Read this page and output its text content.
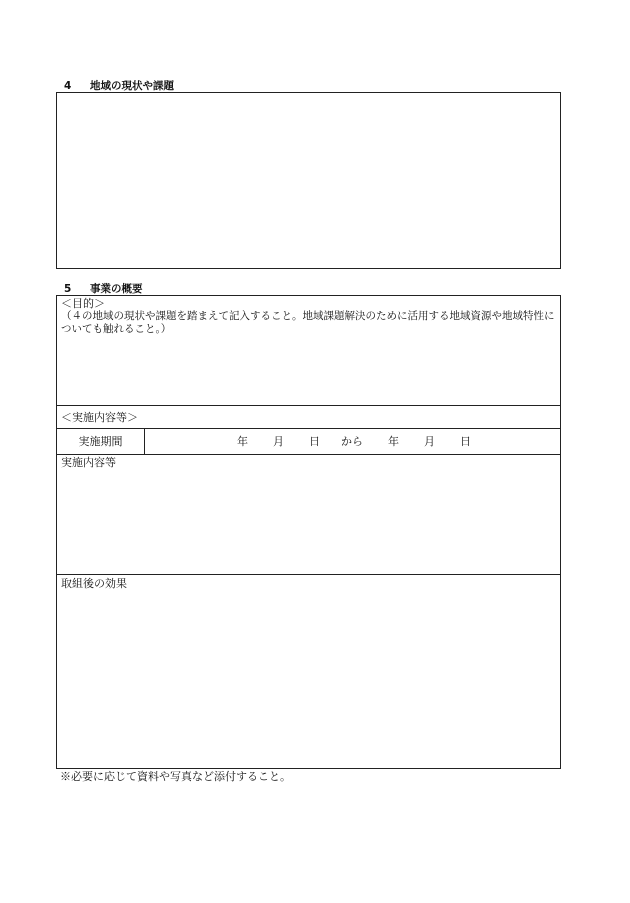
4 地域の現状や課題
5 事業の概要
＜目的＞
（４の地域の現状や課題を踏まえて記入すること。地域課題解決のために活用する地域資源や地域特性についても触れること。）
＜実施内容等＞
実施期間	年 月 日 から 年 月 日
実施内容等
取組後の効果
※必要に応じて資料や写真など添付すること。
